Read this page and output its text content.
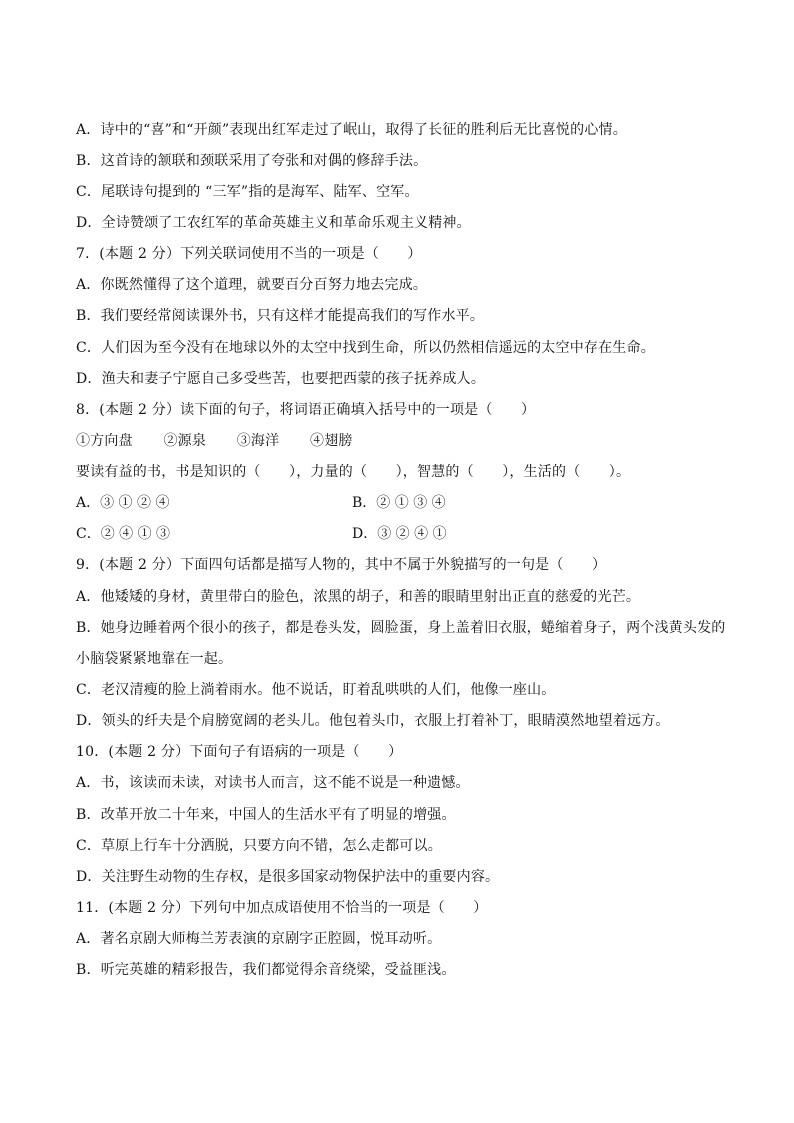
A．诗中的“喜”和“开颜”表现出红军走过了岷山，取得了长征的胜利后无比喜悦的心情。
B．这首诗的颔联和颈联采用了夸张和对偶的修辞手法。
C．尾联诗句提到的 “三军”指的是海军、陆军、空军。
D．全诗赞颂了工农红军的革命英雄主义和革命乐观主义精神。
7．(本题 2 分）下列关联词使用不当的一项是（　　）
A．你既然懂得了这个道理，就要百分百努力地去完成。
B．我们要经常阅读课外书，只有这样才能提高我们的写作水平。
C．人们因为至今没有在地球以外的太空中找到生命，所以仍然相信遥远的太空中存在生命。
D．渔夫和妻子宁愿自己多受些苦，也要把西蒙的孩子抚养成人。
8．(本题 2 分）读下面的句子，将词语正确填入括号中的一项是（　　）
①方向盘 ②源泉 ③海洋 ④翅膀
要读有益的书，书是知识的（　　），力量的（　　），智慧的（　　），生活的（　　）。
A．③ ① ② ④	B．② ① ③ ④
C．② ④ ① ③	D．③ ② ④ ①
9．(本题 2 分）下面四句话都是描写人物的，其中不属于外貌描写的一句是（　　）
A．他矮矮的身材，黄里带白的脸色，浓黑的胡子，和善的眼睛里射出正直的慈爱的光芒。
B．她身边睡着两个很小的孩子，都是卷头发，圆脸蛋，身上盖着旧衣服，蜷缩着身子，两个浅黄头发的
小脑袋紧紧地靠在一起。
C．老汉清瘦的脸上淌着雨水。他不说话，盯着乱哄哄的人们，他像一座山。
D．领头的纤夫是个肩膀宽阔的老头儿。他包着头巾，衣服上打着补丁，眼睛漠然地望着远方。
10．(本题 2 分）下面句子有语病的一项是（　　）
A．书，该读而未读，对读书人而言，这不能不说是一种遗憾。
B．改革开放二十年来，中国人的生活水平有了明显的增强。
C．草原上行车十分洒脱，只要方向不错，怎么走都可以。
D．关注野生动物的生存权，是很多国家动物保护法中的重要内容。
11．(本题 2 分）下列句中加点成语使用不恰当的一项是（　　）
A．著名京剧大师梅兰芳表演的京剧字正腔圆，悦耳动听。
B．听完英雄的精彩报告，我们都觉得余音绕梁，受益匪浅。
